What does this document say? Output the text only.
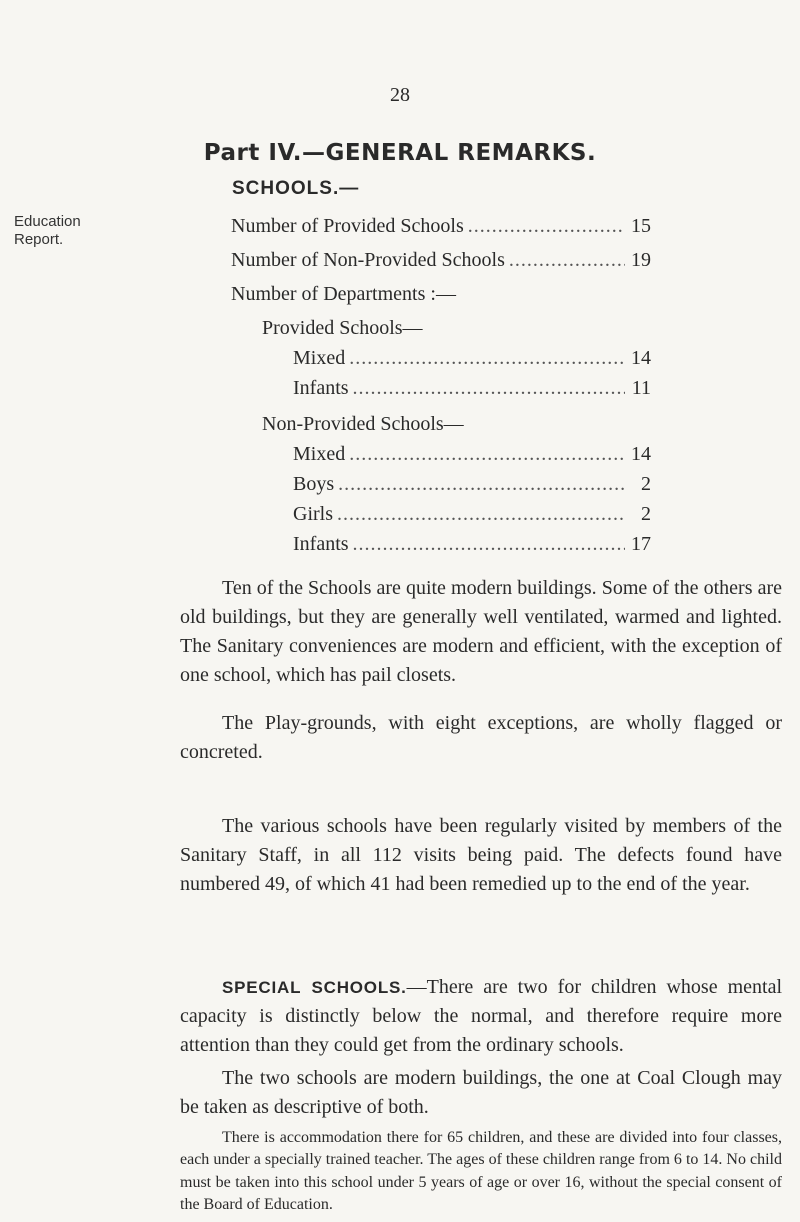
28
Part IV.—GENERAL REMARKS.
Education
Report.
SCHOOLS.—
Number of Provided Schools .....	15
Number of Non-Provided Schools .....	19
Number of Departments :—
Provided Schools—
Mixed .....	14
Infants .....	11
Non-Provided Schools—
Mixed .....	14
Boys .....	2
Girls .....	2
Infants .....	17

Ten of the Schools are quite modern buildings. Some of the others are old buildings, but they are generally well ventilated, warmed and lighted. The Sanitary conveniences are modern and efficient, with the exception of one school, which has pail closets.

The Play-grounds, with eight exceptions, are wholly flagged or concreted.

The various schools have been regularly visited by members of the Sanitary Staff, in all 112 visits being paid. The defects found have numbered 49, of which 41 had been remedied up to the end of the year.

SPECIAL SCHOOLS.—There are two for children whose mental capacity is distinctly below the normal, and therefore require more attention than they could get from the ordinary schools.

The two schools are modern buildings, the one at Coal Clough may be taken as descriptive of both.

There is accommodation there for 65 children, and these are divided into four classes, each under a specially trained teacher. The ages of these children range from 6 to 14. No child must be taken into this school under 5 years of age or over 16, without the special consent of the Board of Education.
